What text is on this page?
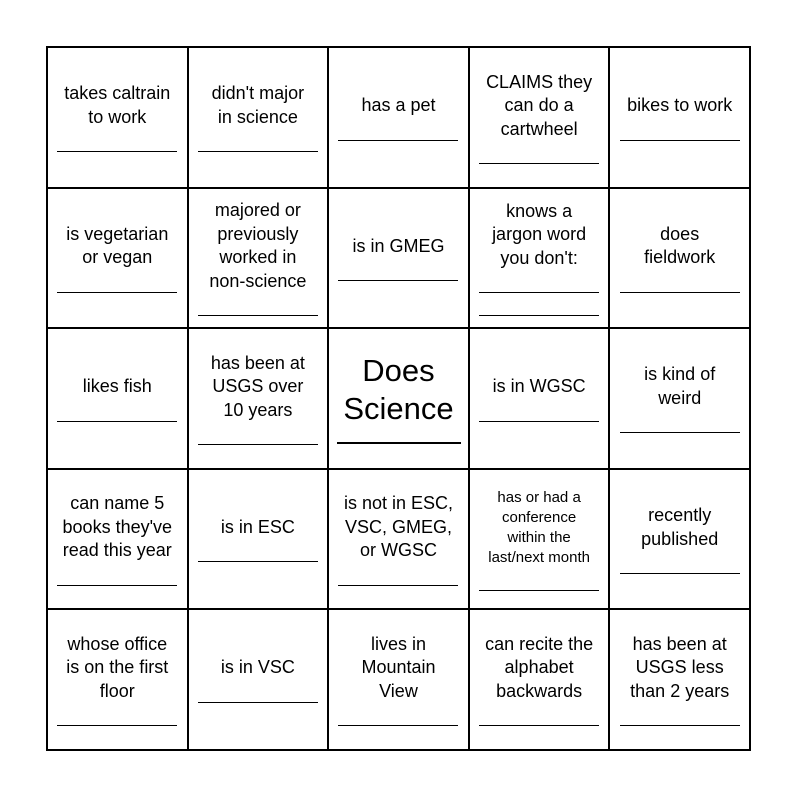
takes caltrain
to work
didn't major
in science
has a pet
CLAIMS they
can do a
cartwheel
bikes to work
is vegetarian
or vegan
majored or
previously
worked in
non-science
is in GMEG
knows a
jargon word
you don't:
does
fieldwork
likes fish
has been at
USGS over
10 years
Does
Science
is in WGSC
is kind of
weird
can name 5
books they've
read this year
is in ESC
is not in ESC,
VSC, GMEG,
or WGSC
has or had a
conference
within the
last/next month
recently
published
whose office
is on the first
floor
is in VSC
lives in
Mountain
View
can recite the
alphabet
backwards
has been at
USGS less
than 2 years
